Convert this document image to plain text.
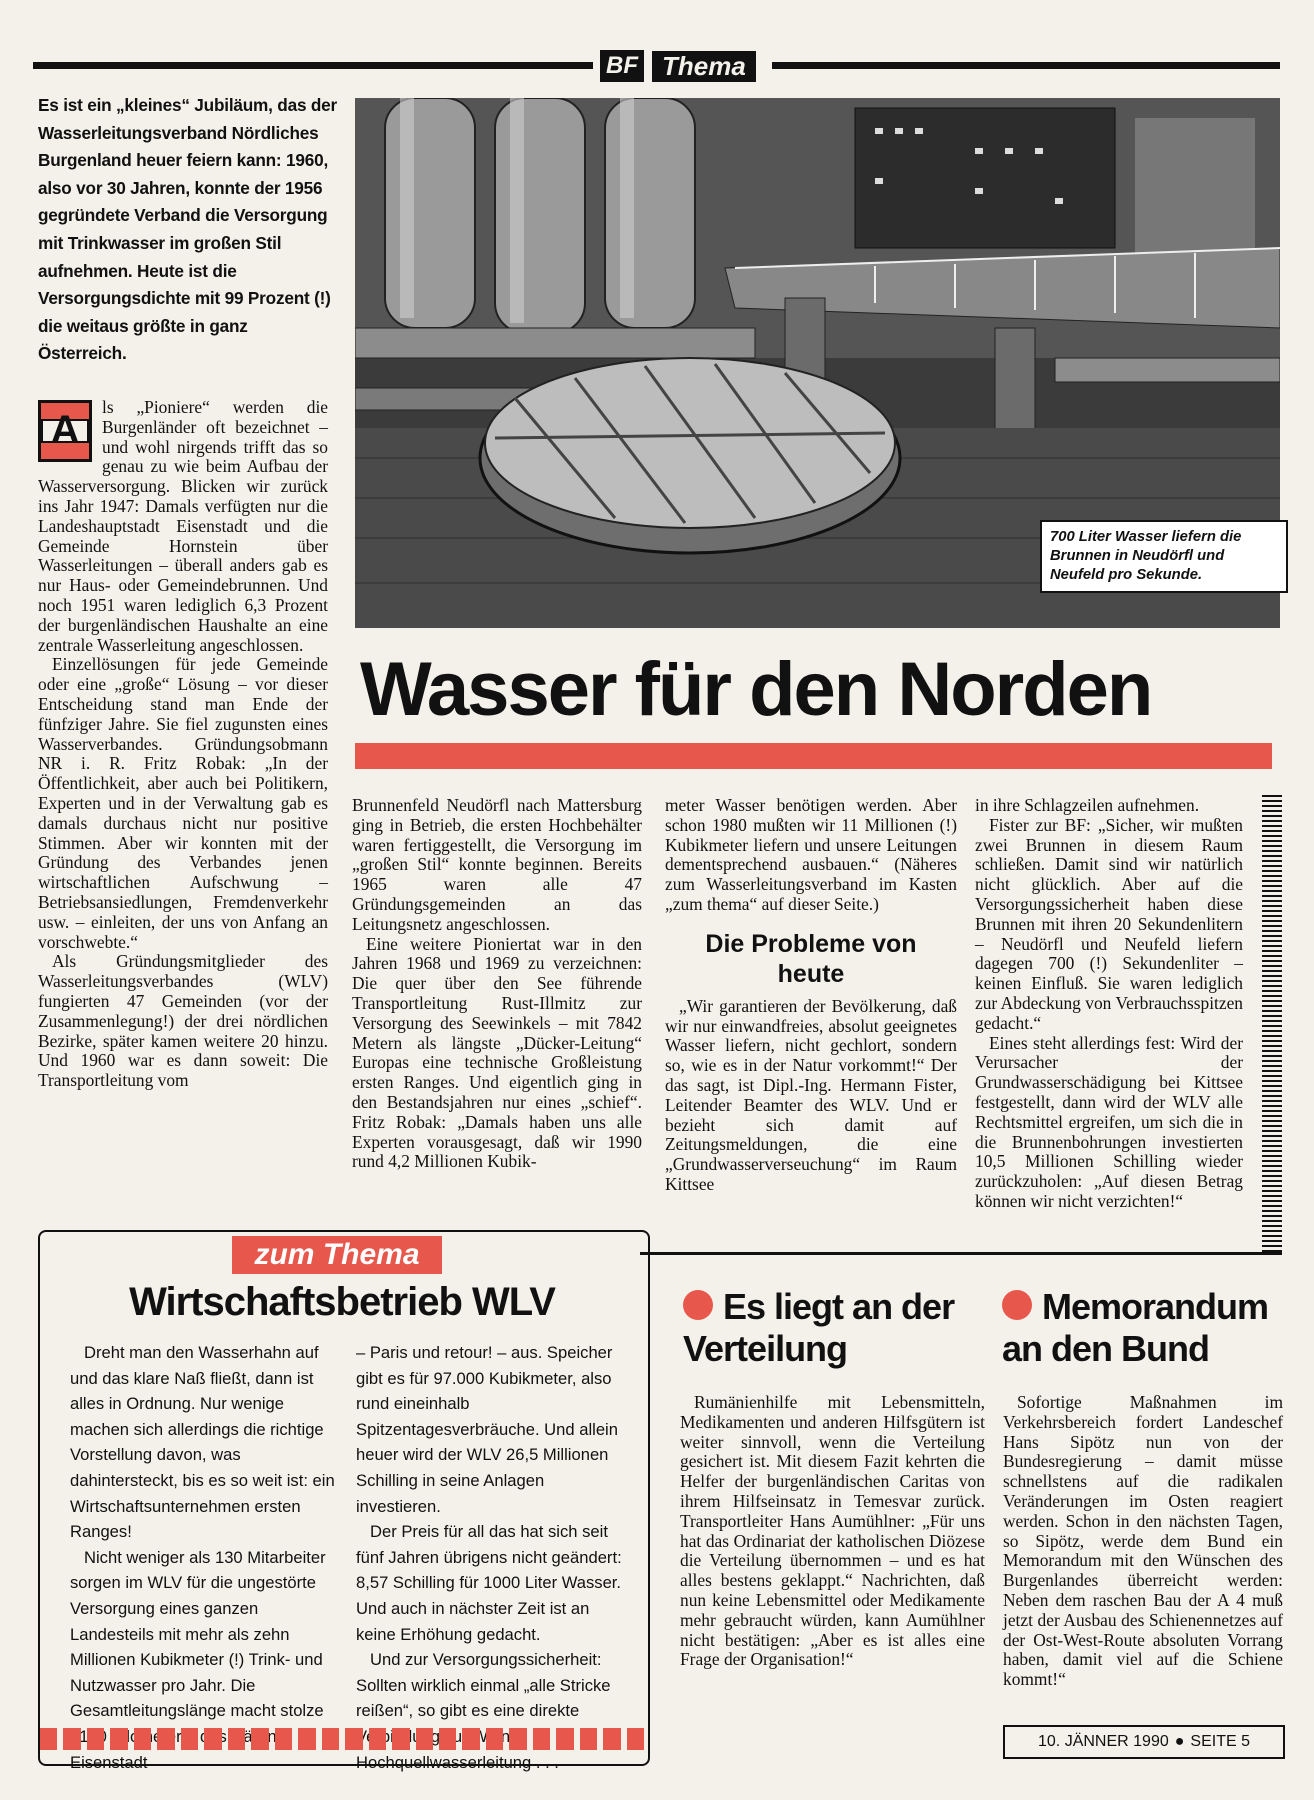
BF Thema
Es ist ein „kleines“ Jubiläum, das der Wasserleitungsverband Nördliches Burgenland heuer feiern kann: 1960, also vor 30 Jahren, konnte der 1956 gegründete Verband die Versorgung mit Trinkwasser im großen Stil aufnehmen. Heute ist die Versorgungsdichte mit 99 Prozent (!) die weitaus größte in ganz Österreich.
700 Liter Wasser liefern die Brunnen in Neudörfl und Neufeld pro Sekunde.
A

ls „Pioniere“ werden die Burgenländer oft bezeichnet – und wohl nirgends trifft das so genau zu wie beim Aufbau der Wasserversorgung. Blicken wir zurück ins Jahr 1947: Damals verfügten nur die Landeshauptstadt Eisenstadt und die Gemeinde Hornstein über Wasserleitungen – überall anders gab es nur Haus- oder Gemeindebrunnen. Und noch 1951 waren lediglich 6,3 Prozent der burgenländischen Haushalte an eine zentrale Wasserleitung angeschlossen.

Einzellösungen für jede Gemeinde oder eine „große“ Lösung – vor dieser Entscheidung stand man Ende der fünfziger Jahre. Sie fiel zugunsten eines Wasserverbandes. Gründungsobmann NR i. R. Fritz Robak: „In der Öffentlichkeit, aber auch bei Politikern, Experten und in der Verwaltung gab es damals durchaus nicht nur positive Stimmen. Aber wir konnten mit der Gründung des Verbandes jenen wirtschaftlichen Aufschwung – Betriebsansiedlungen, Fremdenverkehr usw. – einleiten, der uns von Anfang an vorschwebte.“

Als Gründungsmitglieder des Wasserleitungsverbandes (WLV) fungierten 47 Gemeinden (vor der Zusammenlegung!) der drei nördlichen Bezirke, später kamen weitere 20 hinzu. Und 1960 war es dann soweit: Die Transportleitung vom

Wasser für den Norden

Brunnenfeld Neudörfl nach Mattersburg ging in Betrieb, die ersten Hochbehälter waren fertiggestellt, die Versorgung im „großen Stil“ konnte beginnen. Bereits 1965 waren alle 47 Gründungsgemeinden an das Leitungsnetz angeschlossen.

Eine weitere Pioniertat war in den Jahren 1968 und 1969 zu verzeichnen: Die quer über den See führende Transportleitung Rust-Illmitz zur Versorgung des Seewinkels – mit 7842 Metern als längste „Dücker-Leitung“ Europas eine technische Großleistung ersten Ranges. Und eigentlich ging in den Bestandsjahren nur eines „schief“. Fritz Robak: „Damals haben uns alle Experten vorausgesagt, daß wir 1990 rund 4,2 Millionen Kubik-

meter Wasser benötigen werden. Aber schon 1980 mußten wir 11 Millionen (!) Kubikmeter liefern und unsere Leitungen dementsprechend ausbauen.“ (Näheres zum Wasserleitungsverband im Kasten „zum thema“ auf dieser Seite.)

Die Probleme von heute

„Wir garantieren der Bevölkerung, daß wir nur einwandfreies, absolut geeignetes Wasser liefern, nicht gechlort, sondern so, wie es in der Natur vorkommt!“ Der das sagt, ist Dipl.-Ing. Hermann Fister, Leitender Beamter des WLV. Und er bezieht sich damit auf Zeitungsmeldungen, die eine „Grundwasserverseuchung“ im Raum Kittsee

in ihre Schlagzeilen aufnehmen.

Fister zur BF: „Sicher, wir mußten zwei Brunnen in diesem Raum schließen. Damit sind wir natürlich nicht glücklich. Aber auf die Versorgungssicherheit haben diese Brunnen mit ihren 20 Sekundenlitern – Neudörfl und Neufeld liefern dagegen 700 (!) Sekundenliter – keinen Einfluß. Sie waren lediglich zur Abdeckung von Verbrauchsspitzen gedacht.“

Eines steht allerdings fest: Wird der Verursacher der Grundwasserschädigung bei Kittsee festgestellt, dann wird der WLV alle Rechtsmittel ergreifen, um sich die in die Brunnenbohrungen investierten 10,5 Millionen Schilling wieder zurückzuholen: „Auf diesen Betrag können wir nicht verzichten!“

zum Thema
Wirtschaftsbetrieb WLV

Dreht man den Wasserhahn auf und das klare Naß fließt, dann ist alles in Ordnung. Nur wenige machen sich allerdings die richtige Vorstellung davon, was dahintersteckt, bis es so weit ist: ein Wirtschaftsunternehmen ersten Ranges!

Nicht weniger als 130 Mitarbeiter sorgen im WLV für die ungestörte Versorgung eines ganzen Landesteils mit mehr als zehn Millionen Kubikmeter (!) Trink- und Nutzwasser pro Jahr. Die Gesamtleitungslänge macht stolze Eisenstadt

– Paris und retour! – aus. Speicher gibt es für 97.000 Kubikmeter, also rund eineinhalb Spitzentagesverbräuche. Und allein heuer wird der WLV 26,5 Millionen Schilling in seine Anlagen investieren.

Der Preis für all das hat sich seit fünf Jahren übrigens nicht geändert: 8,57 Schilling für 1000 Liter Wasser. Und auch in nächster Zeit ist an keine Erhöhung gedacht.

Und zur Versorgungssicherheit: Sollten wirklich einmal „alle Stricke reißen“, so gibt es eine direkte Hochquellwasserleitung . . .

Es liegt an der Verteilung

Rumänienhilfe mit Lebensmitteln, Medikamenten und anderen Hilfsgütern ist weiter sinnvoll, wenn die Verteilung gesichert ist. Mit diesem Fazit kehrten die Helfer der burgenländischen Caritas von ihrem Hilfseinsatz in Temesvar zurück. Transportleiter Hans Aumühlner: „Für uns hat das Ordinariat der katholischen Diözese die Verteilung übernommen – und es hat alles bestens geklappt.“ Nachrichten, daß nun keine Lebensmittel oder Medikamente mehr gebraucht würden, kann Aumühlner nicht bestätigen: „Aber es ist alles eine Frage der Organisation!“

Memorandum an den Bund

Sofortige Maßnahmen im Verkehrsbereich fordert Landeschef Hans Sipötz nun von der Bundesregierung – damit müsse schnellstens auf die radikalen Veränderungen im Osten reagiert werden. Schon in den nächsten Tagen, so Sipötz, werde dem Bund ein Memorandum mit den Wünschen des Burgenlandes überreicht werden: Neben dem raschen Bau der A 4 muß jetzt der Ausbau des Schienennetzes auf der Ost-West-Route absoluten Vorrang haben, damit viel auf die Schiene kommt!“

10. JÄNNER 1990 ● SEITE 5
